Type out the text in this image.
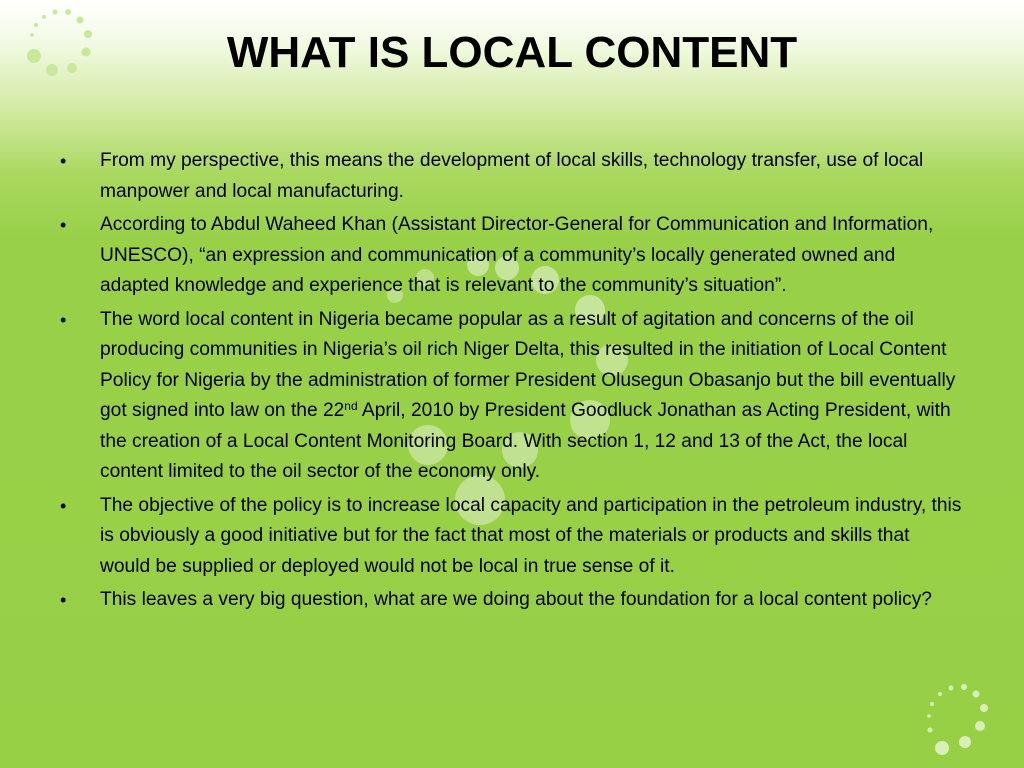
WHAT IS LOCAL CONTENT
• From my perspective, this means the development of local skills, technology transfer, use of local manpower and local manufacturing.
• According to Abdul Waheed Khan (Assistant Director-General for Communication and Information, UNESCO), “an expression and communication of a community’s locally generated owned and adapted knowledge and experience that is relevant to the community’s situation”.
• The word local content in Nigeria became popular as a result of agitation and concerns of the oil producing communities in Nigeria’s oil rich Niger Delta, this resulted in the initiation of Local Content Policy for Nigeria by the administration of former President Olusegun Obasanjo but the bill eventually got signed into law on the 22nd April, 2010 by President Goodluck Jonathan as Acting President, with the creation of a Local Content Monitoring Board. With section 1, 12 and 13 of the Act, the local content limited to the oil sector of the economy only.
• The objective of the policy is to increase local capacity and participation in the petroleum industry, this is obviously a good initiative but for the fact that most of the materials or products and skills that would be supplied or deployed would not be local in true sense of it.
• This leaves a very big question, what are we doing about the foundation for a local content policy?
